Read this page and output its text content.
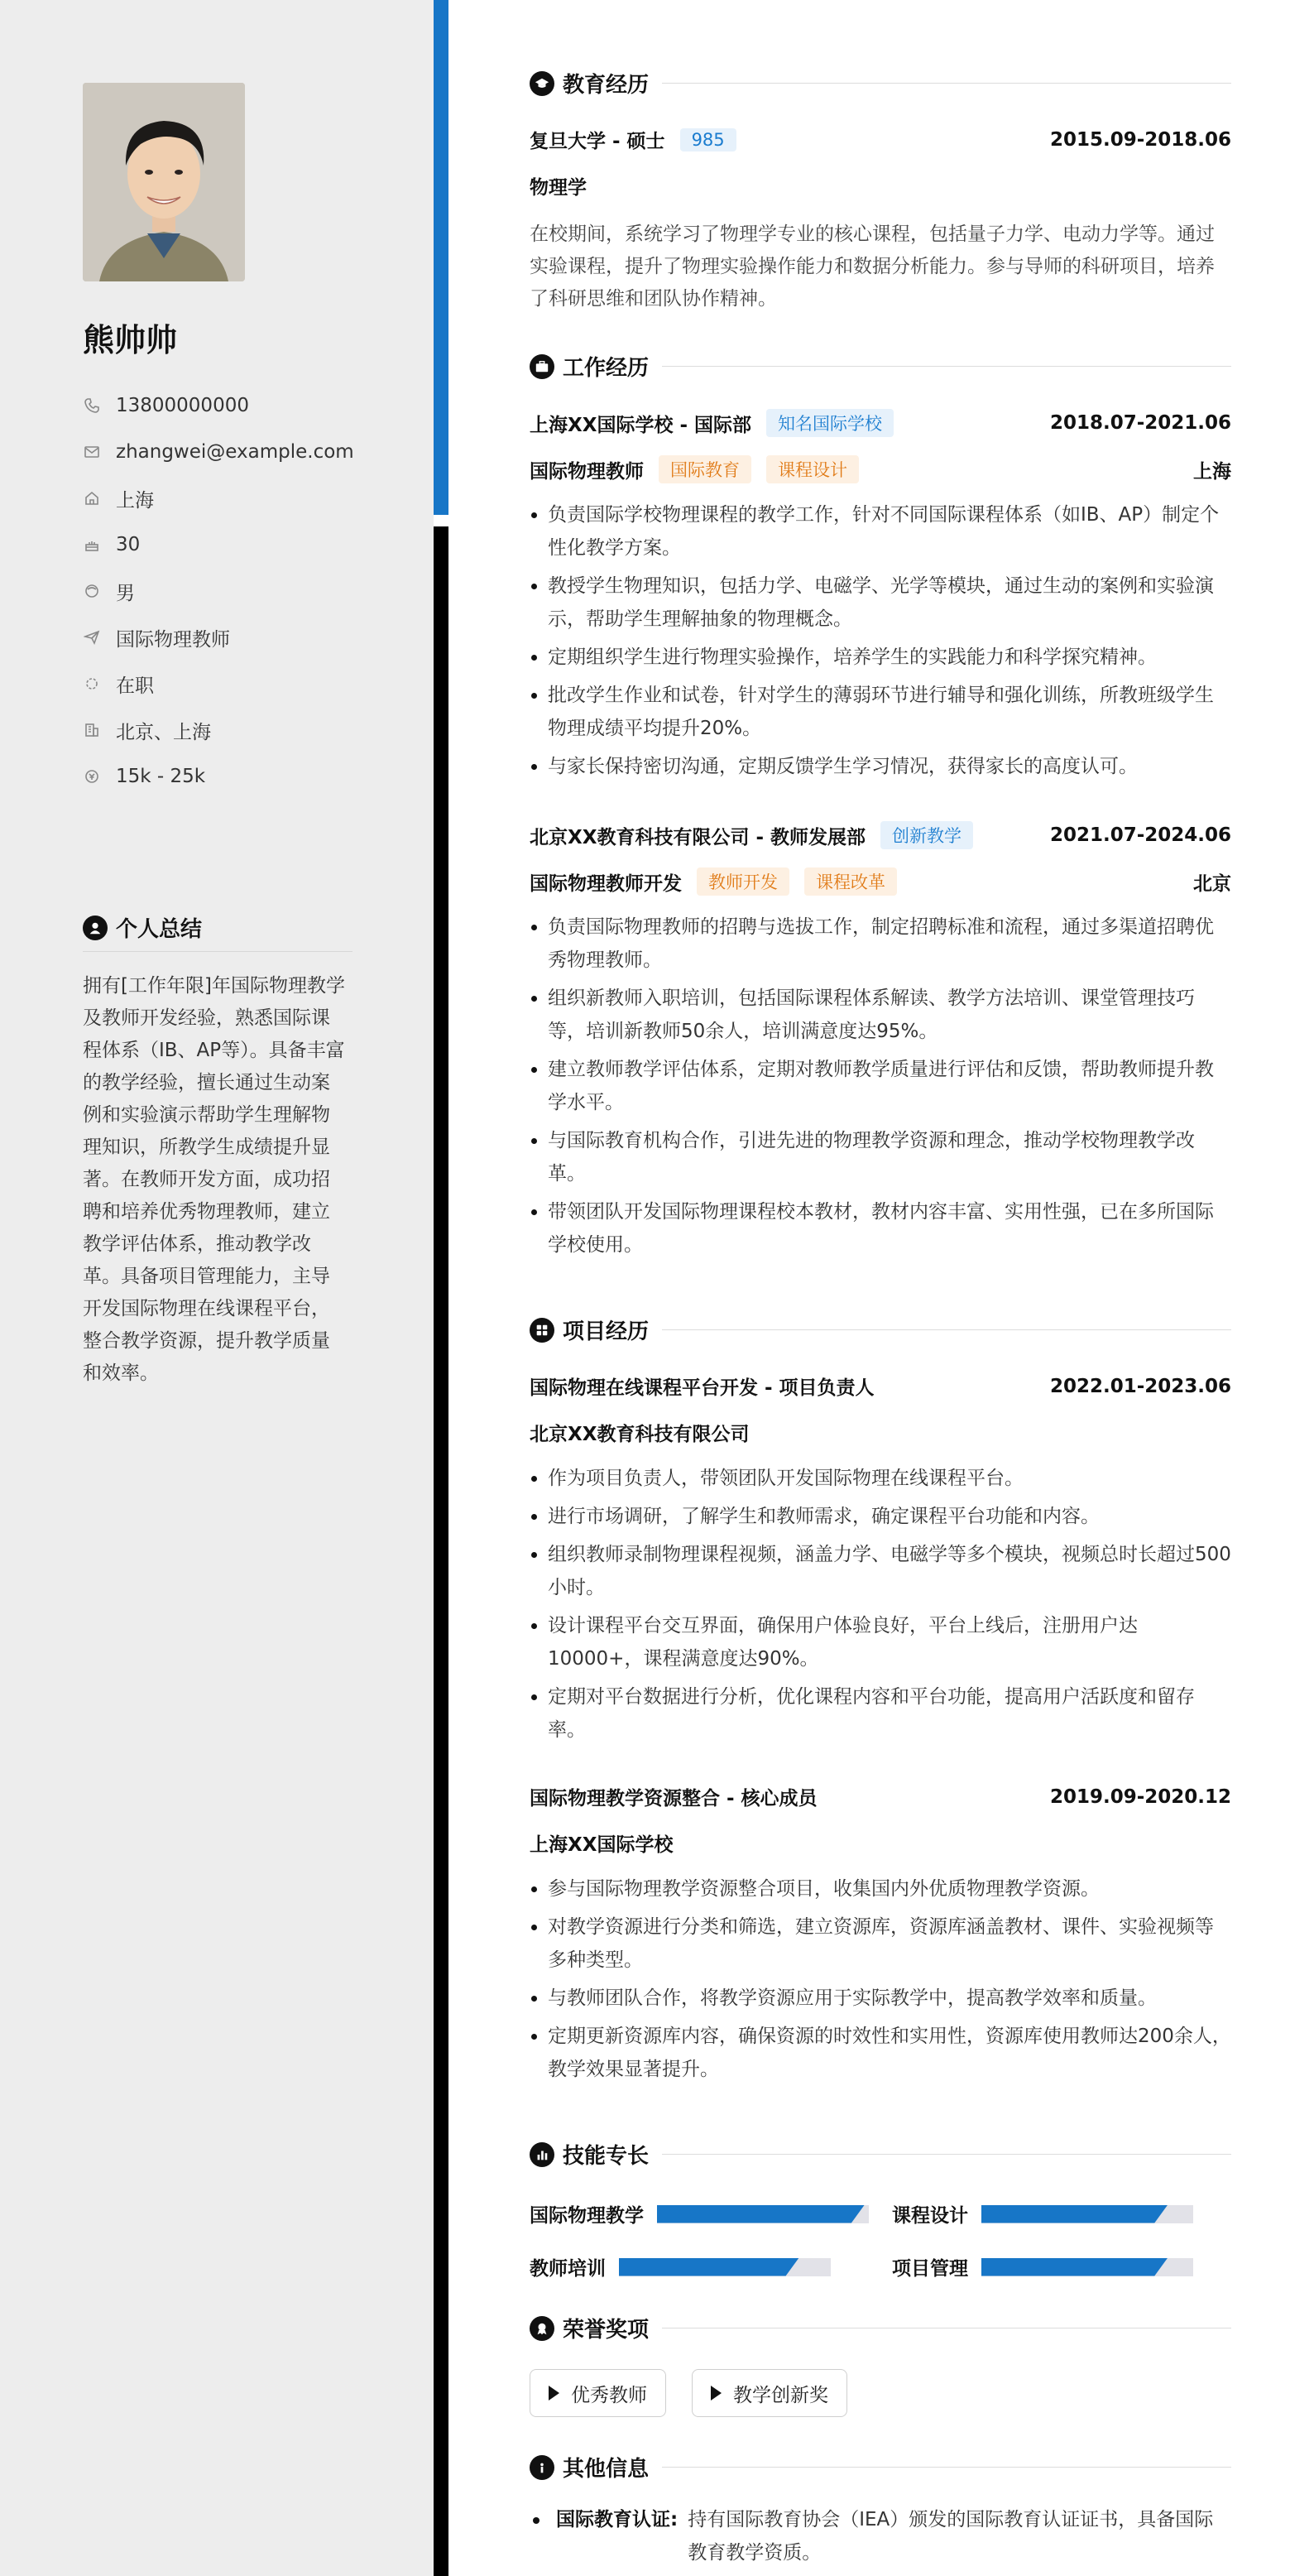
熊帅帅
13800000000
zhangwei@example.com
上海
30
男
国际物理教师
在职
北京、上海
15k - 25k
个人总结
拥有[工作年限]年国际物理教学及教师开发经验，熟悉国际课程体系（IB、AP等）。具备丰富的教学经验，擅长通过生动案例和实验演示帮助学生理解物理知识，所教学生成绩提升显著。在教师开发方面，成功招聘和培养优秀物理教师，建立教学评估体系，推动教学改革。具备项目管理能力，主导开发国际物理在线课程平台，整合教学资源，提升教学质量和效率。
教育经历
复旦大学 - 硕士	985	2015.09-2018.06
物理学
在校期间，系统学习了物理学专业的核心课程，包括量子力学、电动力学等。通过实验课程，提升了物理实验操作能力和数据分析能力。参与导师的科研项目，培养了科研思维和团队协作精神。
工作经历
上海XX国际学校 - 国际部	知名国际学校	2018.07-2021.06
国际物理教师	国际教育	课程设计	上海
负责国际学校物理课程的教学工作，针对不同国际课程体系（如IB、AP）制定个性化教学方案。
教授学生物理知识，包括力学、电磁学、光学等模块，通过生动的案例和实验演示，帮助学生理解抽象的物理概念。
定期组织学生进行物理实验操作，培养学生的实践能力和科学探究精神。
批改学生作业和试卷，针对学生的薄弱环节进行辅导和强化训练，所教班级学生物理成绩平均提升20%。
与家长保持密切沟通，定期反馈学生学习情况，获得家长的高度认可。
北京XX教育科技有限公司 - 教师发展部	创新教学	2021.07-2024.06
国际物理教师开发	教师开发	课程改革	北京
负责国际物理教师的招聘与选拔工作，制定招聘标准和流程，通过多渠道招聘优秀物理教师。
组织新教师入职培训，包括国际课程体系解读、教学方法培训、课堂管理技巧等，培训新教师50余人，培训满意度达95%。
建立教师教学评估体系，定期对教师教学质量进行评估和反馈，帮助教师提升教学水平。
与国际教育机构合作，引进先进的物理教学资源和理念，推动学校物理教学改革。
带领团队开发国际物理课程校本教材，教材内容丰富、实用性强，已在多所国际学校使用。
项目经历
国际物理在线课程平台开发 - 项目负责人	2022.01-2023.06
北京XX教育科技有限公司
作为项目负责人，带领团队开发国际物理在线课程平台。
进行市场调研，了解学生和教师需求，确定课程平台功能和内容。
组织教师录制物理课程视频，涵盖力学、电磁学等多个模块，视频总时长超过500小时。
设计课程平台交互界面，确保用户体验良好，平台上线后，注册用户达10000+，课程满意度达90%。
定期对平台数据进行分析，优化课程内容和平台功能，提高用户活跃度和留存率。
国际物理教学资源整合 - 核心成员	2019.09-2020.12
上海XX国际学校
参与国际物理教学资源整合项目，收集国内外优质物理教学资源。
对教学资源进行分类和筛选，建立资源库，资源库涵盖教材、课件、实验视频等多种类型。
与教师团队合作，将教学资源应用于实际教学中，提高教学效率和质量。
定期更新资源库内容，确保资源的时效性和实用性，资源库使用教师达200余人，教学效果显著提升。
技能专长
国际物理教学	课程设计
教师培训	项目管理
荣誉奖项
优秀教师	教学创新奖
其他信息
国际教育认证: 持有国际教育协会（IEA）颁发的国际教育认证证书，具备国际教育教学资质。
